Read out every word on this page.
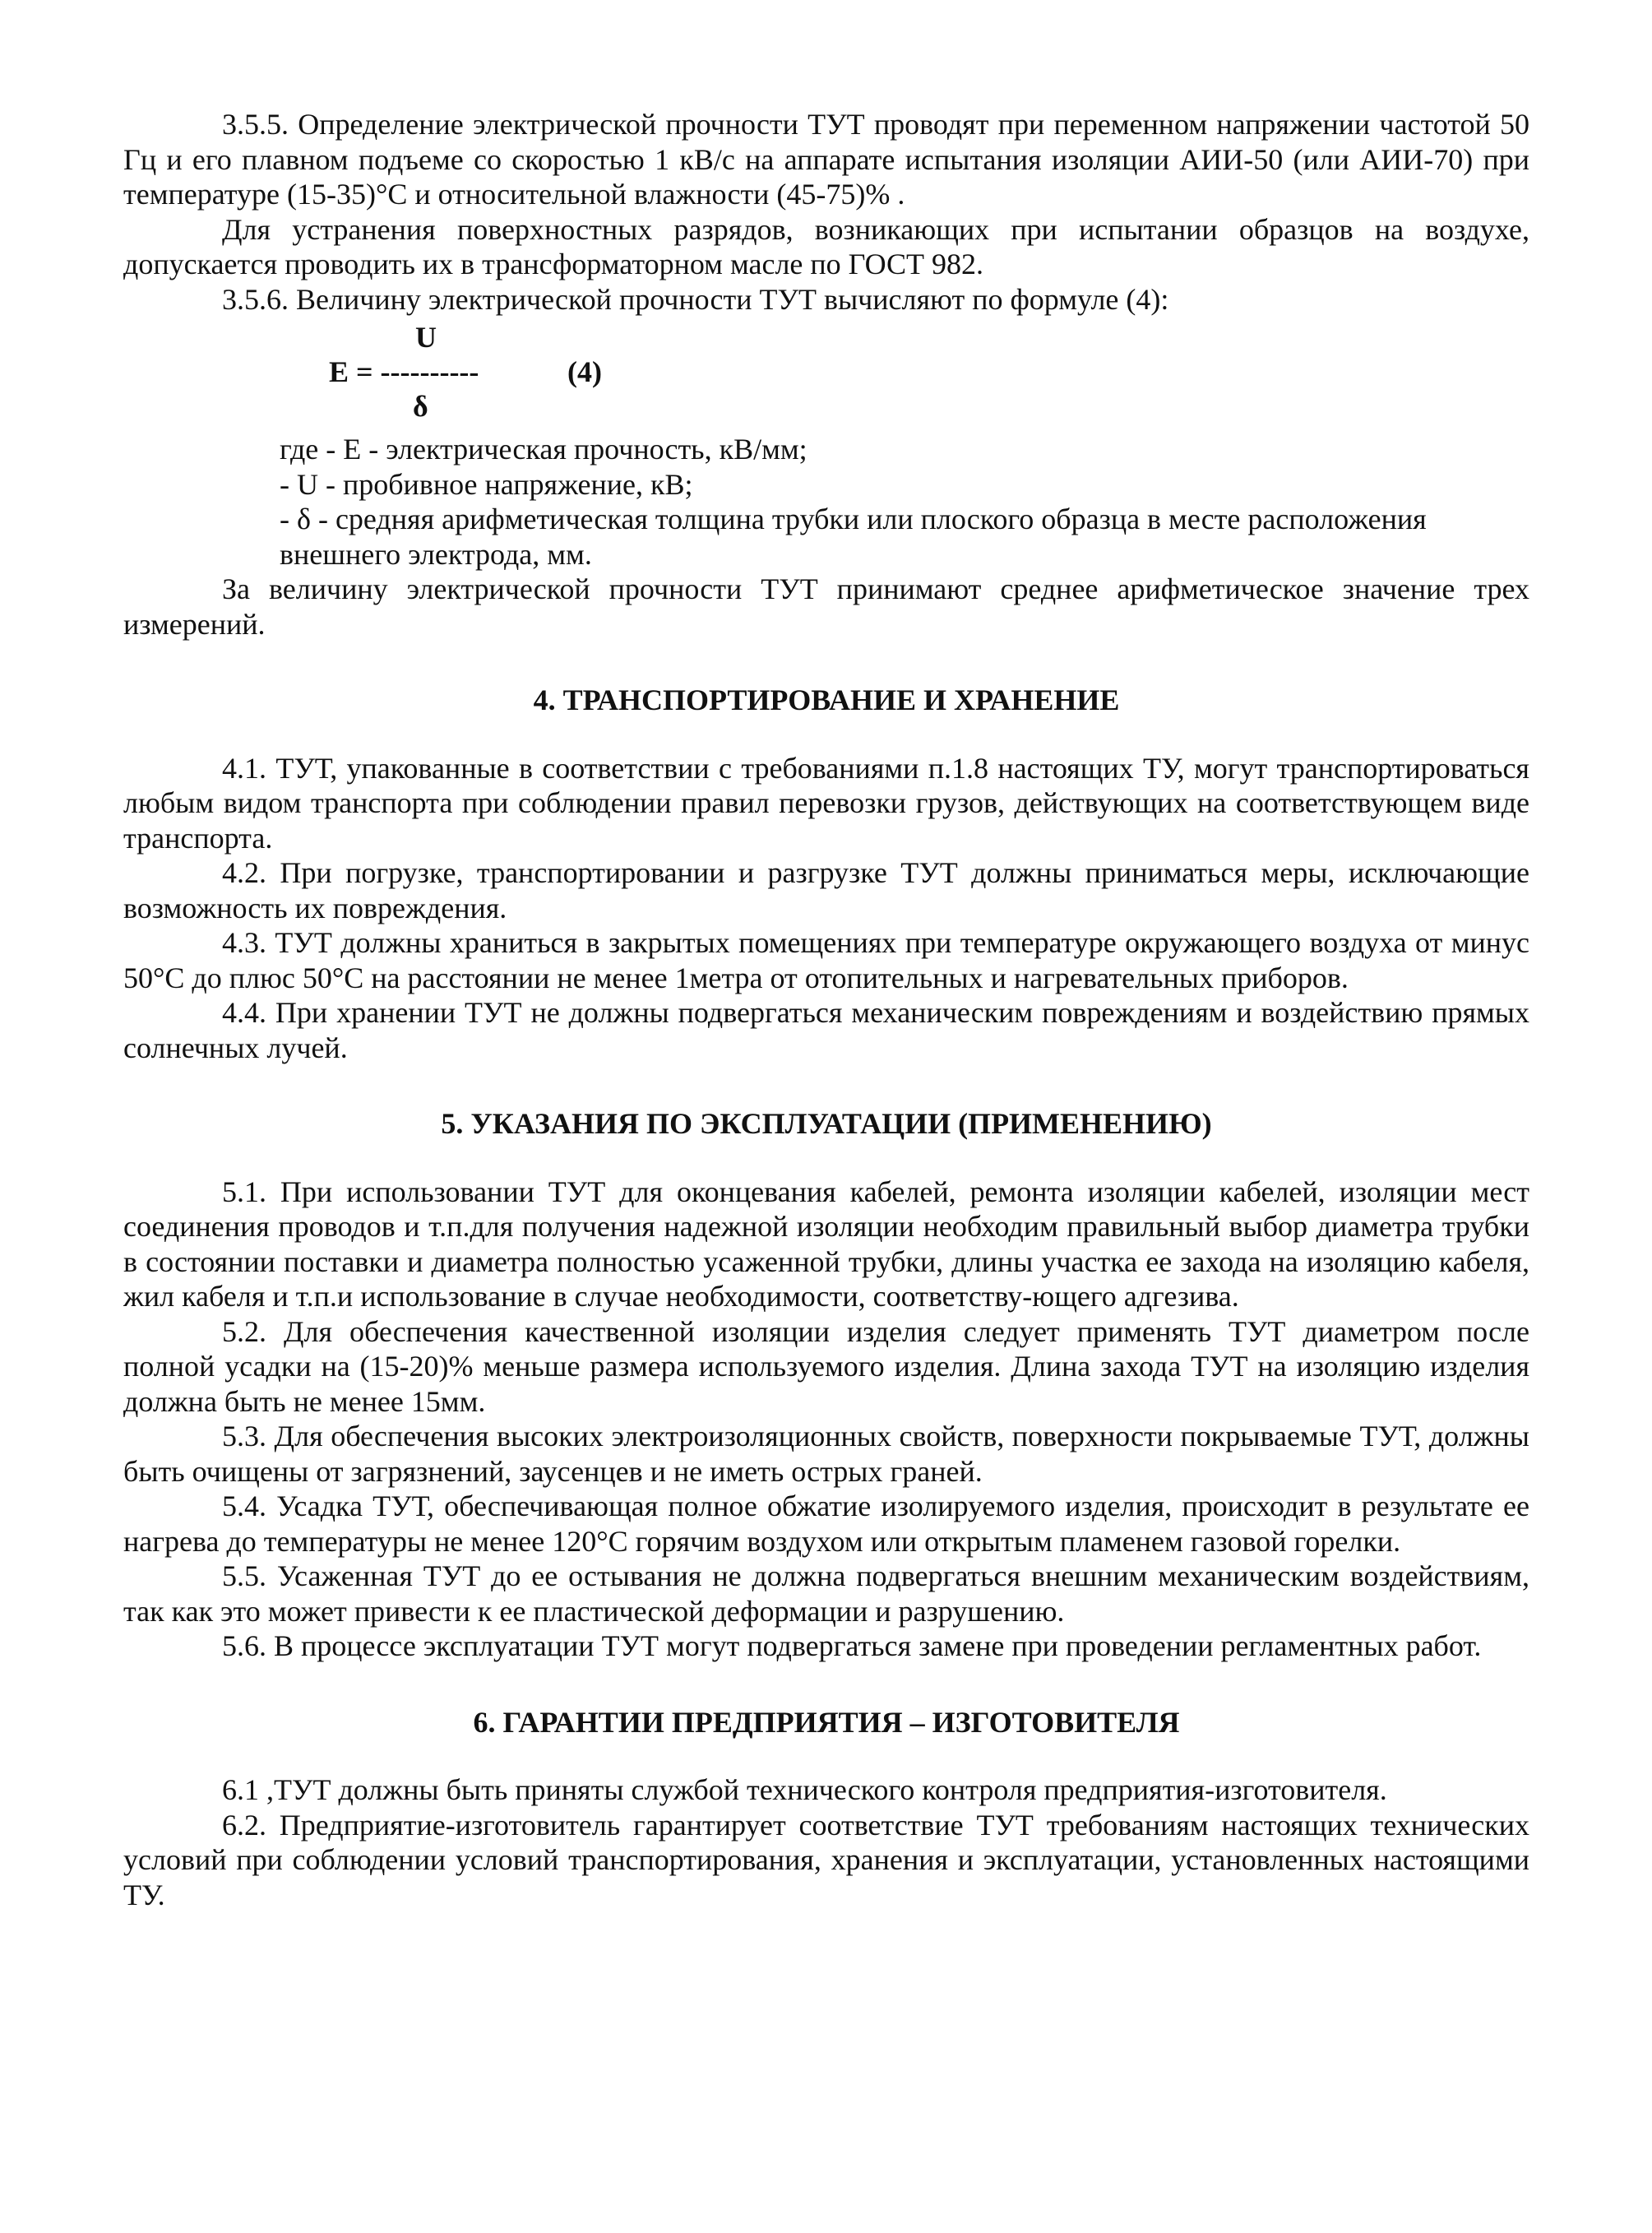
3.5.5. Определение электрической прочности ТУТ проводят при переменном напряжении частотой 50 Гц и его плавном подъеме со скоростью 1 кВ/с на аппарате испытания изоляции АИИ-50 (или АИИ-70) при температуре (15-35)°С и относительной влажности (45-75)% .

Для устранения поверхностных разрядов, возникающих при испытании образцов на воздухе, допускается проводить их в трансформаторном масле по ГОСТ 982.

3.5.6. Величину электрической прочности ТУТ вычисляют по формуле (4):

U
E = ----------	(4)
δ
где - E - электрическая прочность, кВ/мм;
- U - пробивное напряжение, кВ;
- δ - средняя арифметическая толщина трубки или плоского образца в месте расположения внешнего электрода, мм.

За величину электрической прочности ТУТ принимают среднее арифметическое значение трех измерений.

4. ТРАНСПОРТИРОВАНИЕ И ХРАНЕНИЕ

4.1. ТУТ, упакованные в соответствии с требованиями п.1.8 настоящих ТУ, могут транспортироваться любым видом транспорта при соблюдении правил перевозки грузов, действующих на соответствующем виде транспорта.

4.2. При погрузке, транспортировании и разгрузке ТУТ должны приниматься меры, исключающие возможность их повреждения.

4.3. ТУТ должны храниться в закрытых помещениях при температуре окружающего воздуха от минус 50°С до плюс 50°С на расстоянии не менее 1метра от отопительных и нагревательных приборов.

4.4. При хранении ТУТ не должны подвергаться механическим повреждениям и воздействию прямых солнечных лучей.

5. УКАЗАНИЯ ПО ЭКСПЛУАТАЦИИ (ПРИМЕНЕНИЮ)

5.1. При использовании ТУТ для оконцевания кабелей, ремонта изоляции кабелей, изоляции мест соединения проводов и т.п.для получения надежной изоляции необходим правильный выбор диаметра трубки в состоянии поставки и диаметра полностью усаженной трубки, длины участка ее захода на изоляцию кабеля, жил кабеля и т.п.и использование в случае необходимости, соответству-ющего адгезива.

5.2. Для обеспечения качественной изоляции изделия следует применять ТУТ диаметром после полной усадки на (15-20)% меньше размера используемого изделия. Длина захода ТУТ на изоляцию изделия должна быть не менее 15мм.

5.3. Для обеспечения высоких электроизоляционных свойств, поверхности покрываемые ТУТ, должны быть очищены от загрязнений, заусенцев и не иметь острых граней.

5.4. Усадка ТУТ, обеспечивающая полное обжатие изолируемого изделия, происходит в результате ее нагрева до температуры не менее 120°С горячим воздухом или открытым пламенем газовой горелки.

5.5. Усаженная ТУТ до ее остывания не должна подвергаться внешним механическим воздействиям, так как это может привести к ее пластической деформации и разрушению.

5.6. В процессе эксплуатации ТУТ могут подвергаться замене при проведении регламентных работ.

6. ГАРАНТИИ ПРЕДПРИЯТИЯ – ИЗГОТОВИТЕЛЯ

6.1 ,ТУТ должны быть приняты службой технического контроля предприятия-изготовителя.

6.2. Предприятие-изготовитель гарантирует соответствие ТУТ требованиям настоящих технических условий при соблюдении условий транспортирования, хранения и эксплуатации, установленных настоящими ТУ.
